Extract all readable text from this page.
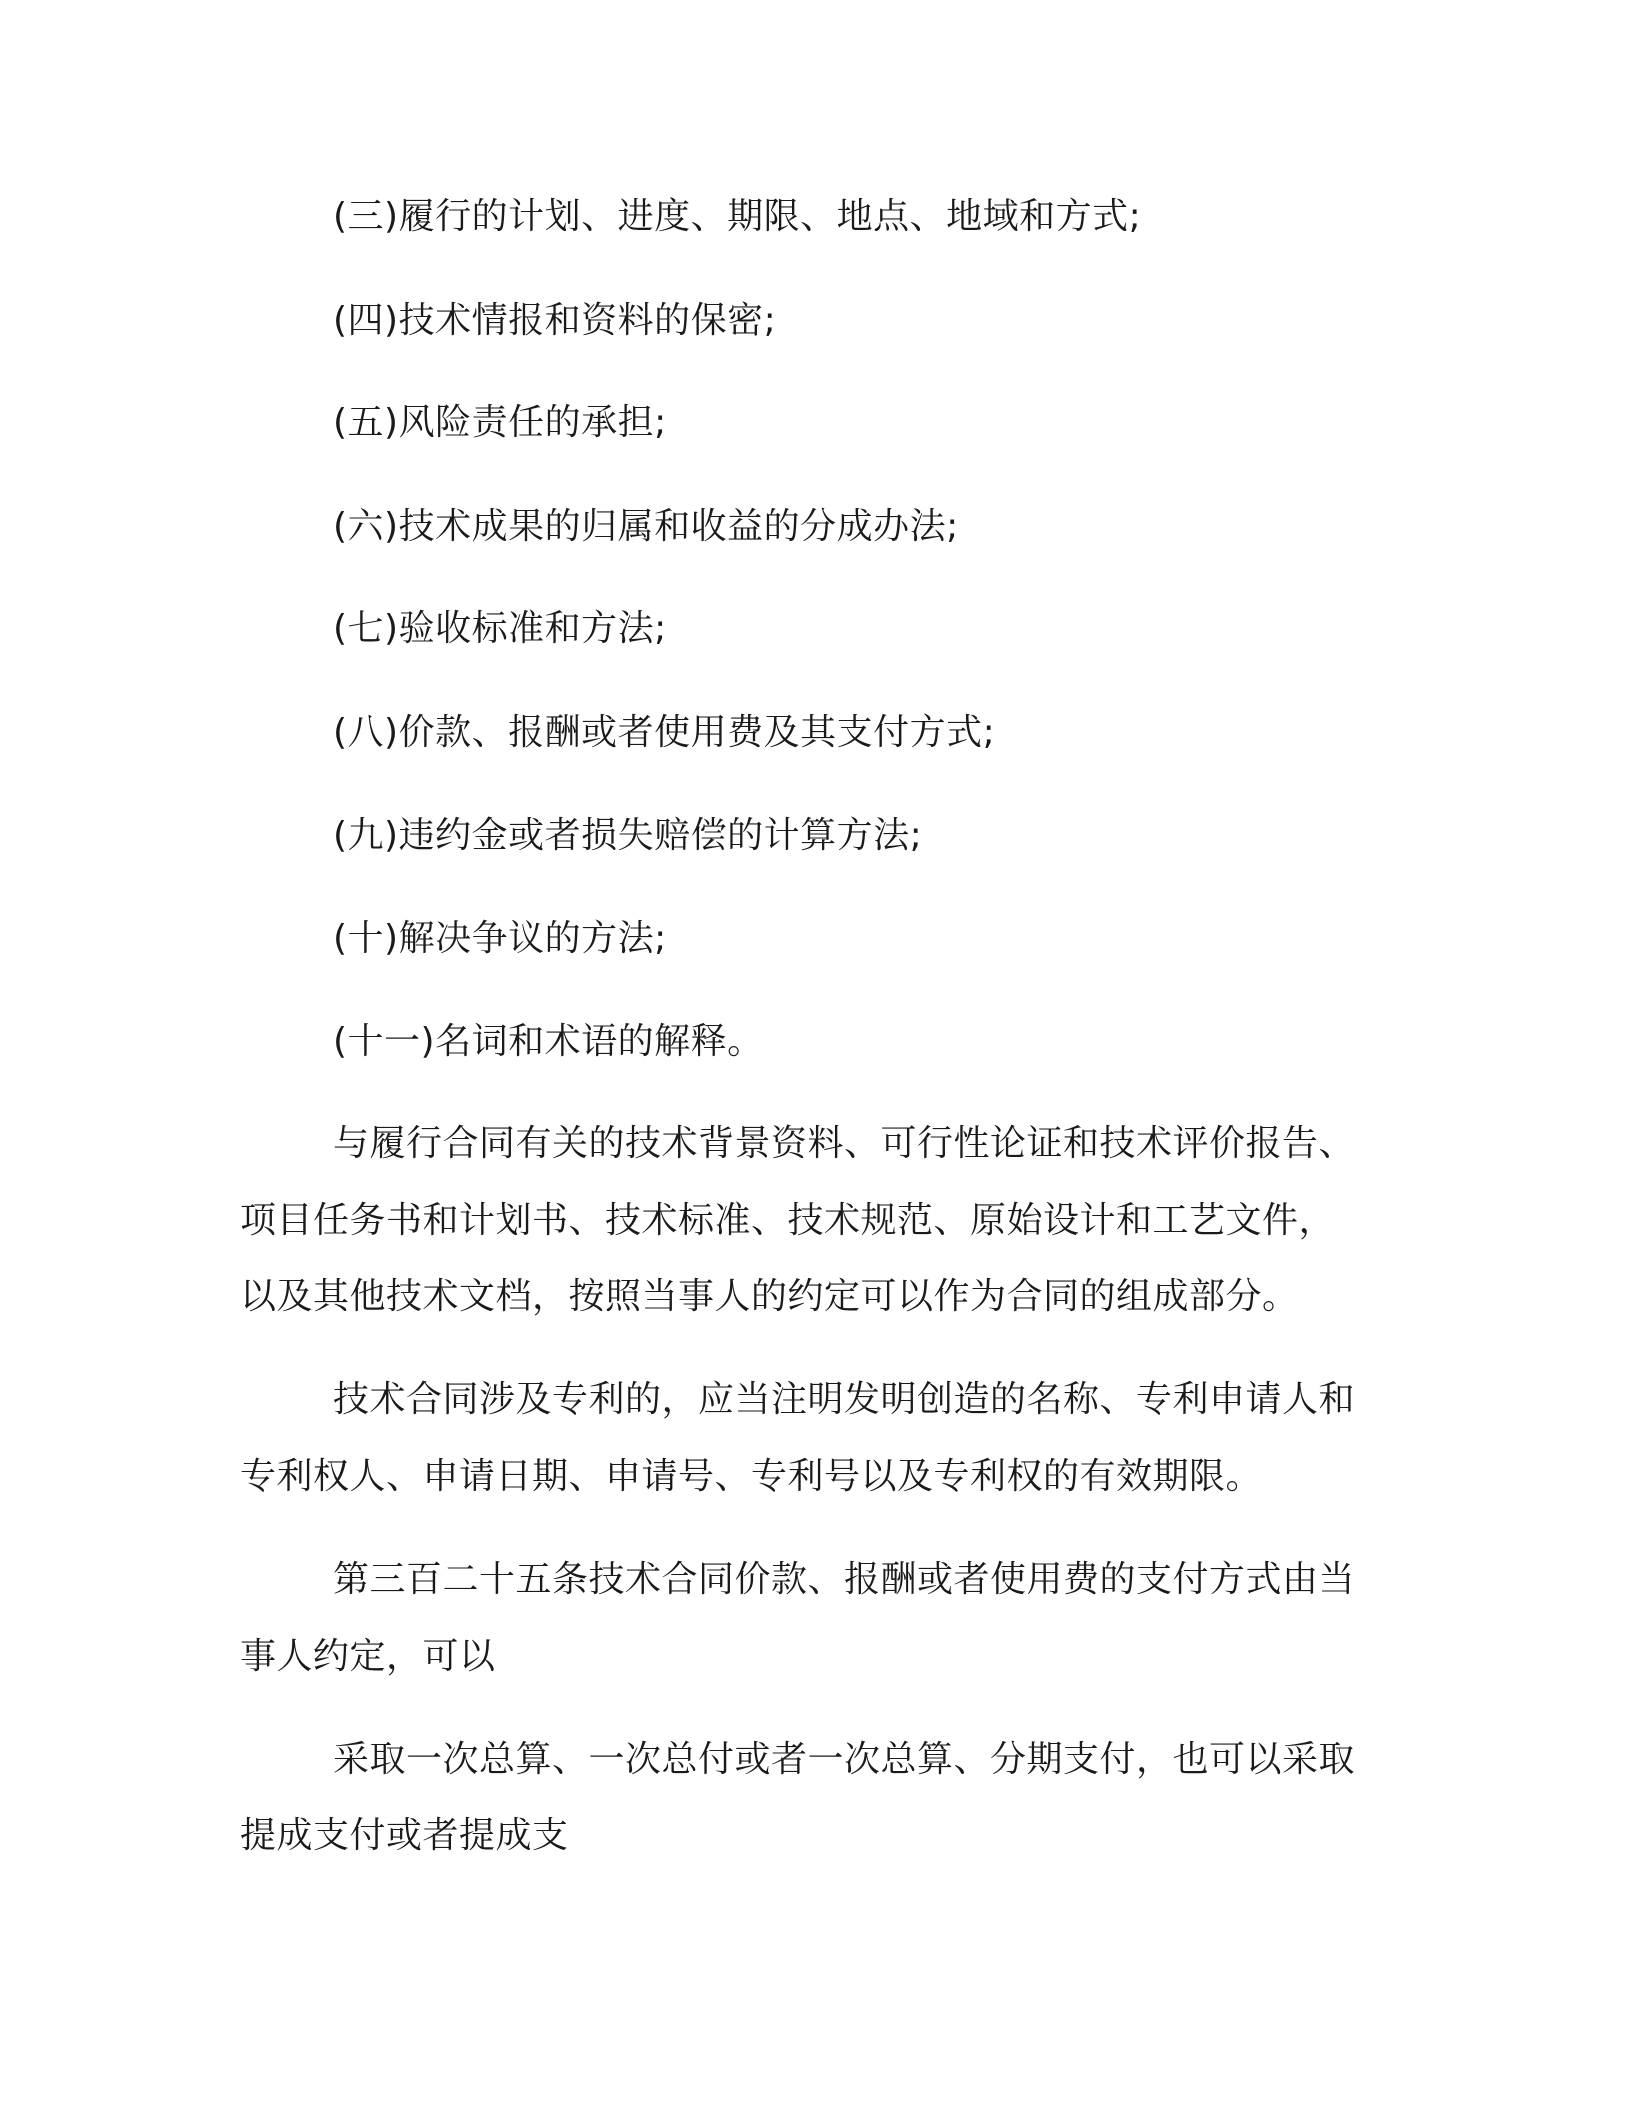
(三)履行的计划、进度、期限、地点、地域和方式;
(四)技术情报和资料的保密;
(五)风险责任的承担;
(六)技术成果的归属和收益的分成办法;
(七)验收标准和方法;
(八)价款、报酬或者使用费及其支付方式;
(九)违约金或者损失赔偿的计算方法;
(十)解决争议的方法;
(十一)名词和术语的解释。
与履行合同有关的技术背景资料、可行性论证和技术评价报告、
项目任务书和计划书、技术标准、技术规范、原始设计和工艺文件，
以及其他技术文档，按照当事人的约定可以作为合同的组成部分。
技术合同涉及专利的，应当注明发明创造的名称、专利申请人和
专利权人、申请日期、申请号、专利号以及专利权的有效期限。
第三百二十五条技术合同价款、报酬或者使用费的支付方式由当
事人约定，可以
采取一次总算、一次总付或者一次总算、分期支付，也可以采取
提成支付或者提成支
